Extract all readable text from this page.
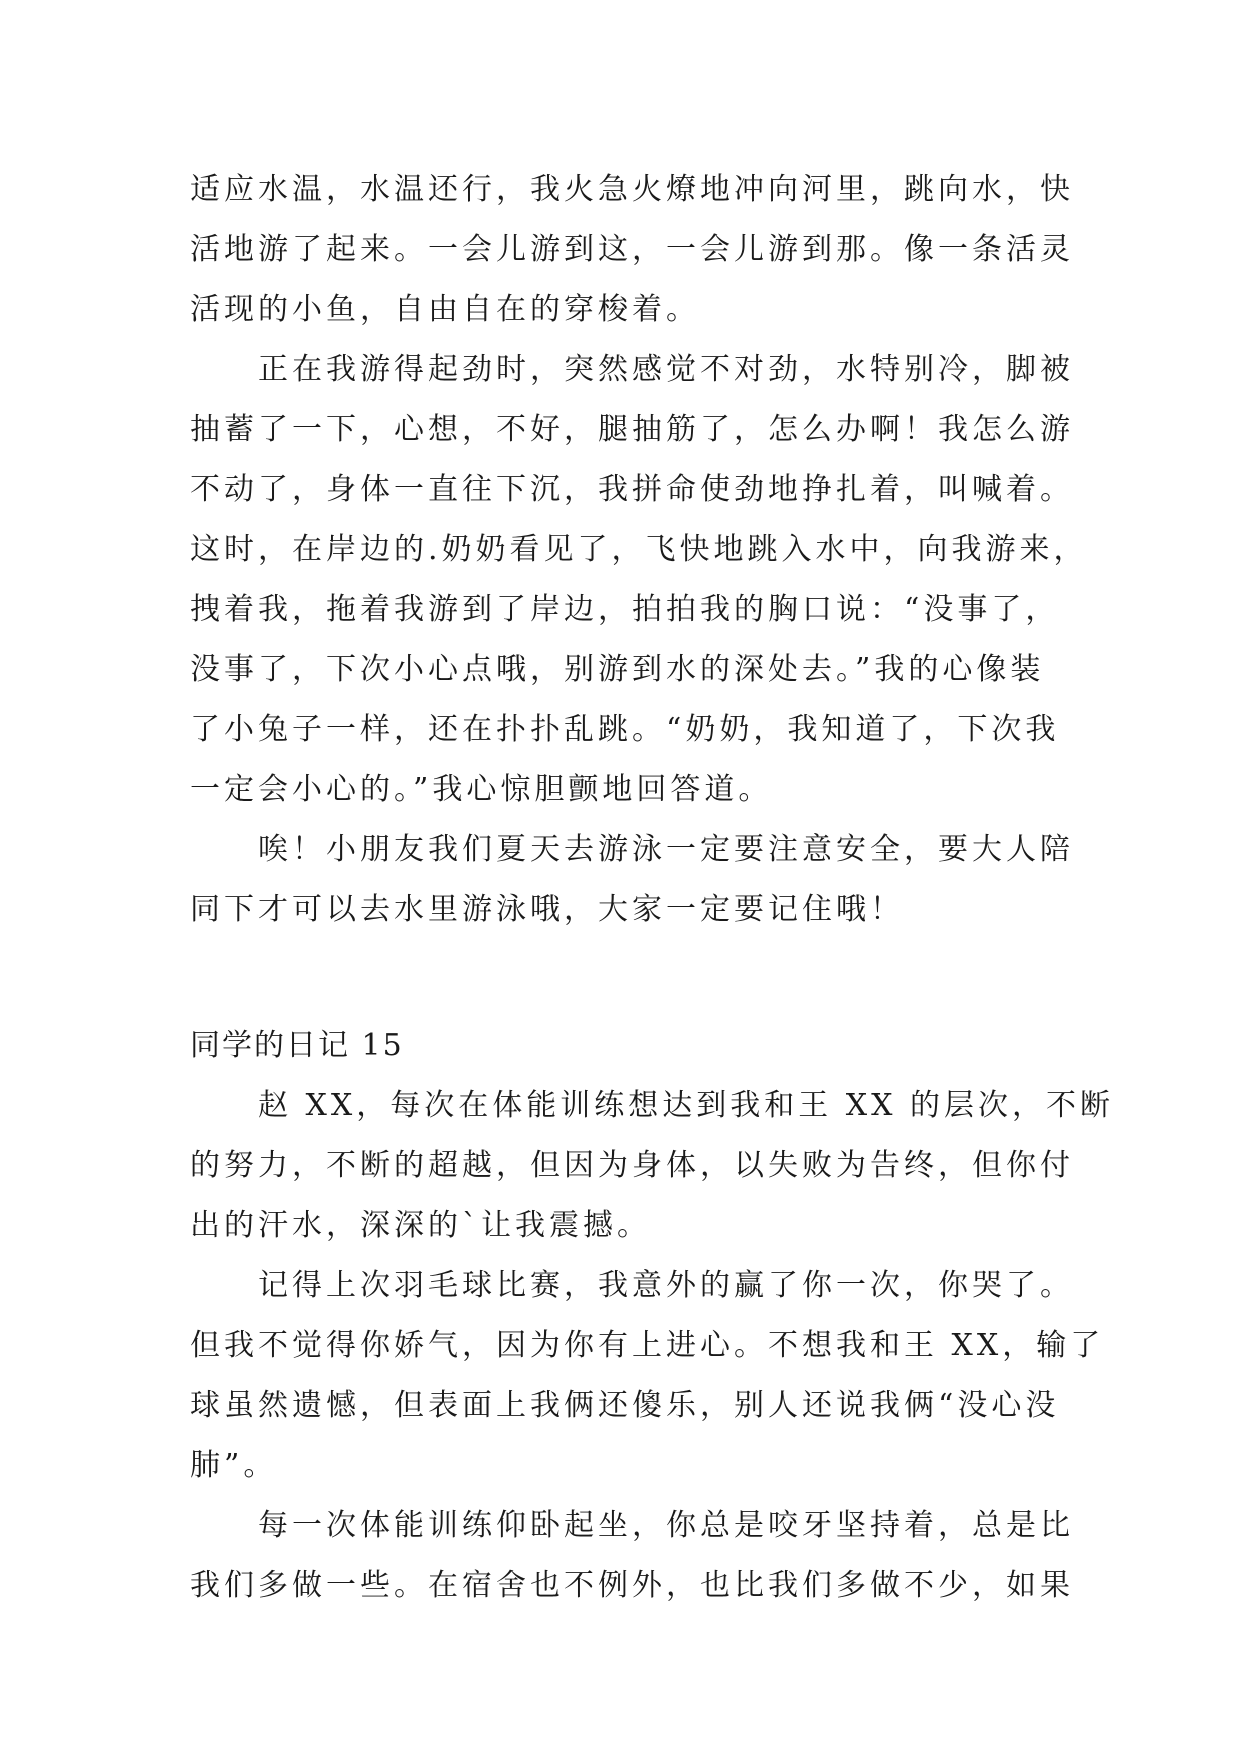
适应水温，水温还行，我火急火燎地冲向河里，跳向水，快
活地游了起来。一会儿游到这，一会儿游到那。像一条活灵
活现的小鱼，自由自在的穿梭着。
　　正在我游得起劲时，突然感觉不对劲，水特别冷，脚被
抽蓄了一下，心想，不好，腿抽筋了，怎么办啊！我怎么游
不动了，身体一直往下沉，我拼命使劲地挣扎着，叫喊着。
这时，在岸边的.奶奶看见了，飞快地跳入水中，向我游来，
拽着我，拖着我游到了岸边，拍拍我的胸口说：“没事了，
没事了，下次小心点哦，别游到水的深处去。”我的心像装
了小兔子一样，还在扑扑乱跳。“奶奶，我知道了，下次我
一定会小心的。”我心惊胆颤地回答道。
　　唉！小朋友我们夏天去游泳一定要注意安全，要大人陪
同下才可以去水里游泳哦，大家一定要记住哦！
同学的日记 15
　　赵 XX，每次在体能训练想达到我和王 XX 的层次，不断
的努力，不断的超越，但因为身体，以失败为告终，但你付
出的汗水，深深的`让我震撼。
　　记得上次羽毛球比赛，我意外的赢了你一次，你哭了。
但我不觉得你娇气，因为你有上进心。不想我和王 XX，输了
球虽然遗憾，但表面上我俩还傻乐，别人还说我俩“没心没
肺”。
　　每一次体能训练仰卧起坐，你总是咬牙坚持着，总是比
我们多做一些。在宿舍也不例外，也比我们多做不少，如果
